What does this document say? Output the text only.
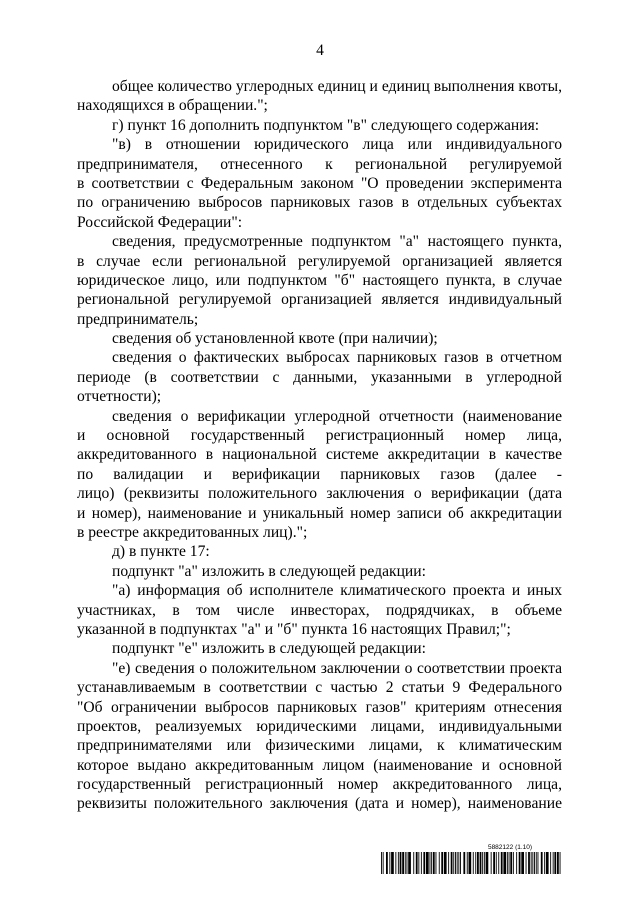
4
общее количество углеродных единиц и единиц выполнения квоты,
находящихся в обращении.";
г) пункт 16 дополнить подпунктом "в" следующего содержания:
"в) в отношении юридического лица или индивидуального
предпринимателя, отнесенного к региональной регулируемой
в соответствии с Федеральным законом "О проведении эксперимента
по ограничению выбросов парниковых газов в отдельных субъектах
Российской Федерации":
сведения, предусмотренные подпунктом "а" настоящего пункта,
в случае если региональной регулируемой организацией является
юридическое лицо, или подпунктом "б" настоящего пункта, в случае
региональной регулируемой организацией является индивидуальный
предприниматель;
сведения об установленной квоте (при наличии);
сведения о фактических выбросах парниковых газов в отчетном
периоде (в соответствии с данными, указанными в углеродной
отчетности);
сведения о верификации углеродной отчетности (наименование
и основной государственный регистрационный номер лица,
аккредитованного в национальной системе аккредитации в качестве
по валидации и верификации парниковых газов (далее -
лицо) (реквизиты положительного заключения о верификации (дата
и номер), наименование и уникальный номер записи об аккредитации
в реестре аккредитованных лиц).";
д) в пункте 17:
подпункт "а" изложить в следующей редакции:
"а) информация об исполнителе климатического проекта и иных
участниках, в том числе инвесторах, подрядчиках, в объеме
указанной в подпунктах "а" и "б" пункта 16 настоящих Правил;";
подпункт "е" изложить в следующей редакции:
"е) сведения о положительном заключении о соответствии проекта
устанавливаемым в соответствии с частью 2 статьи 9 Федерального
"Об ограничении выбросов парниковых газов" критериям отнесения
проектов, реализуемых юридическими лицами, индивидуальными
предпринимателями или физическими лицами, к климатическим
которое выдано аккредитованным лицом (наименование и основной
государственный регистрационный номер аккредитованного лица,
реквизиты положительного заключения (дата и номер), наименование
5882122 (1.10)
